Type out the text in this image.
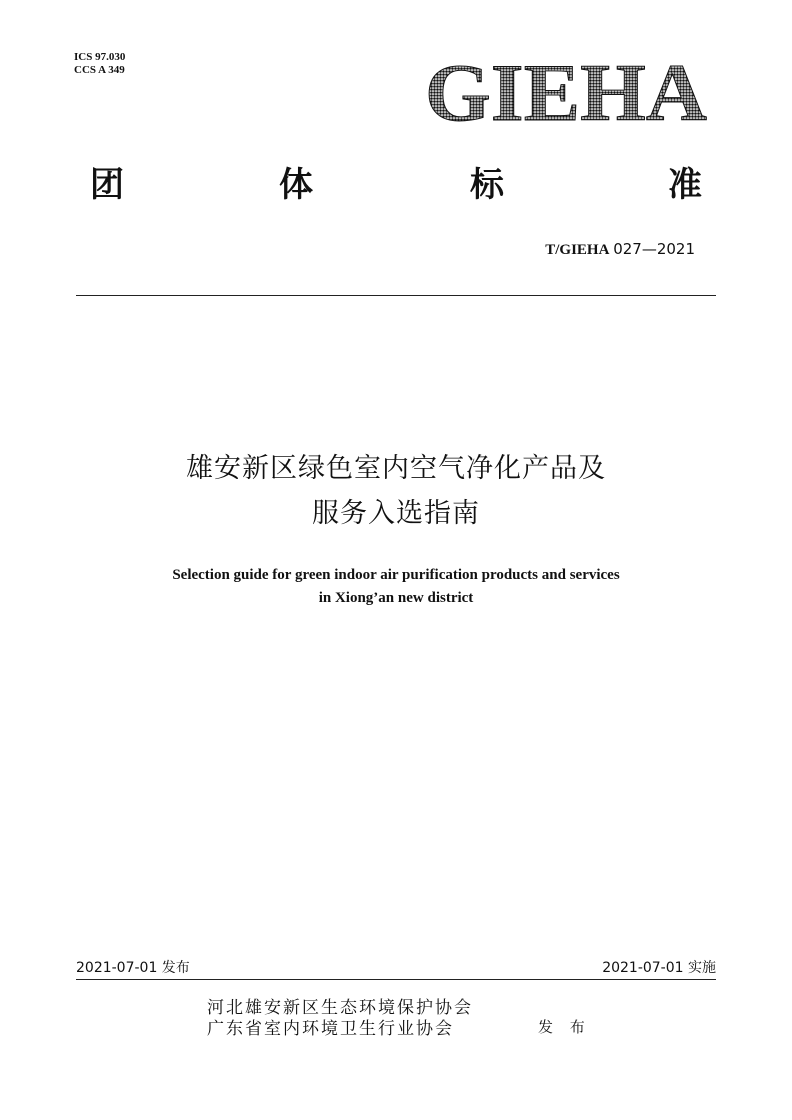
ICS 97.030
CCS A 349	GIEHA
团	体	标	准
T/GIEHA 027—2021
雄安新区绿色室内空气净化产品及
服务入选指南
Selection guide for green indoor air purification products and services
in Xiong’an new district
2021-07-01 发布	2021-07-01 实施
河北雄安新区生态环境保护协会
广东省室内环境卫生行业协会	发 布
